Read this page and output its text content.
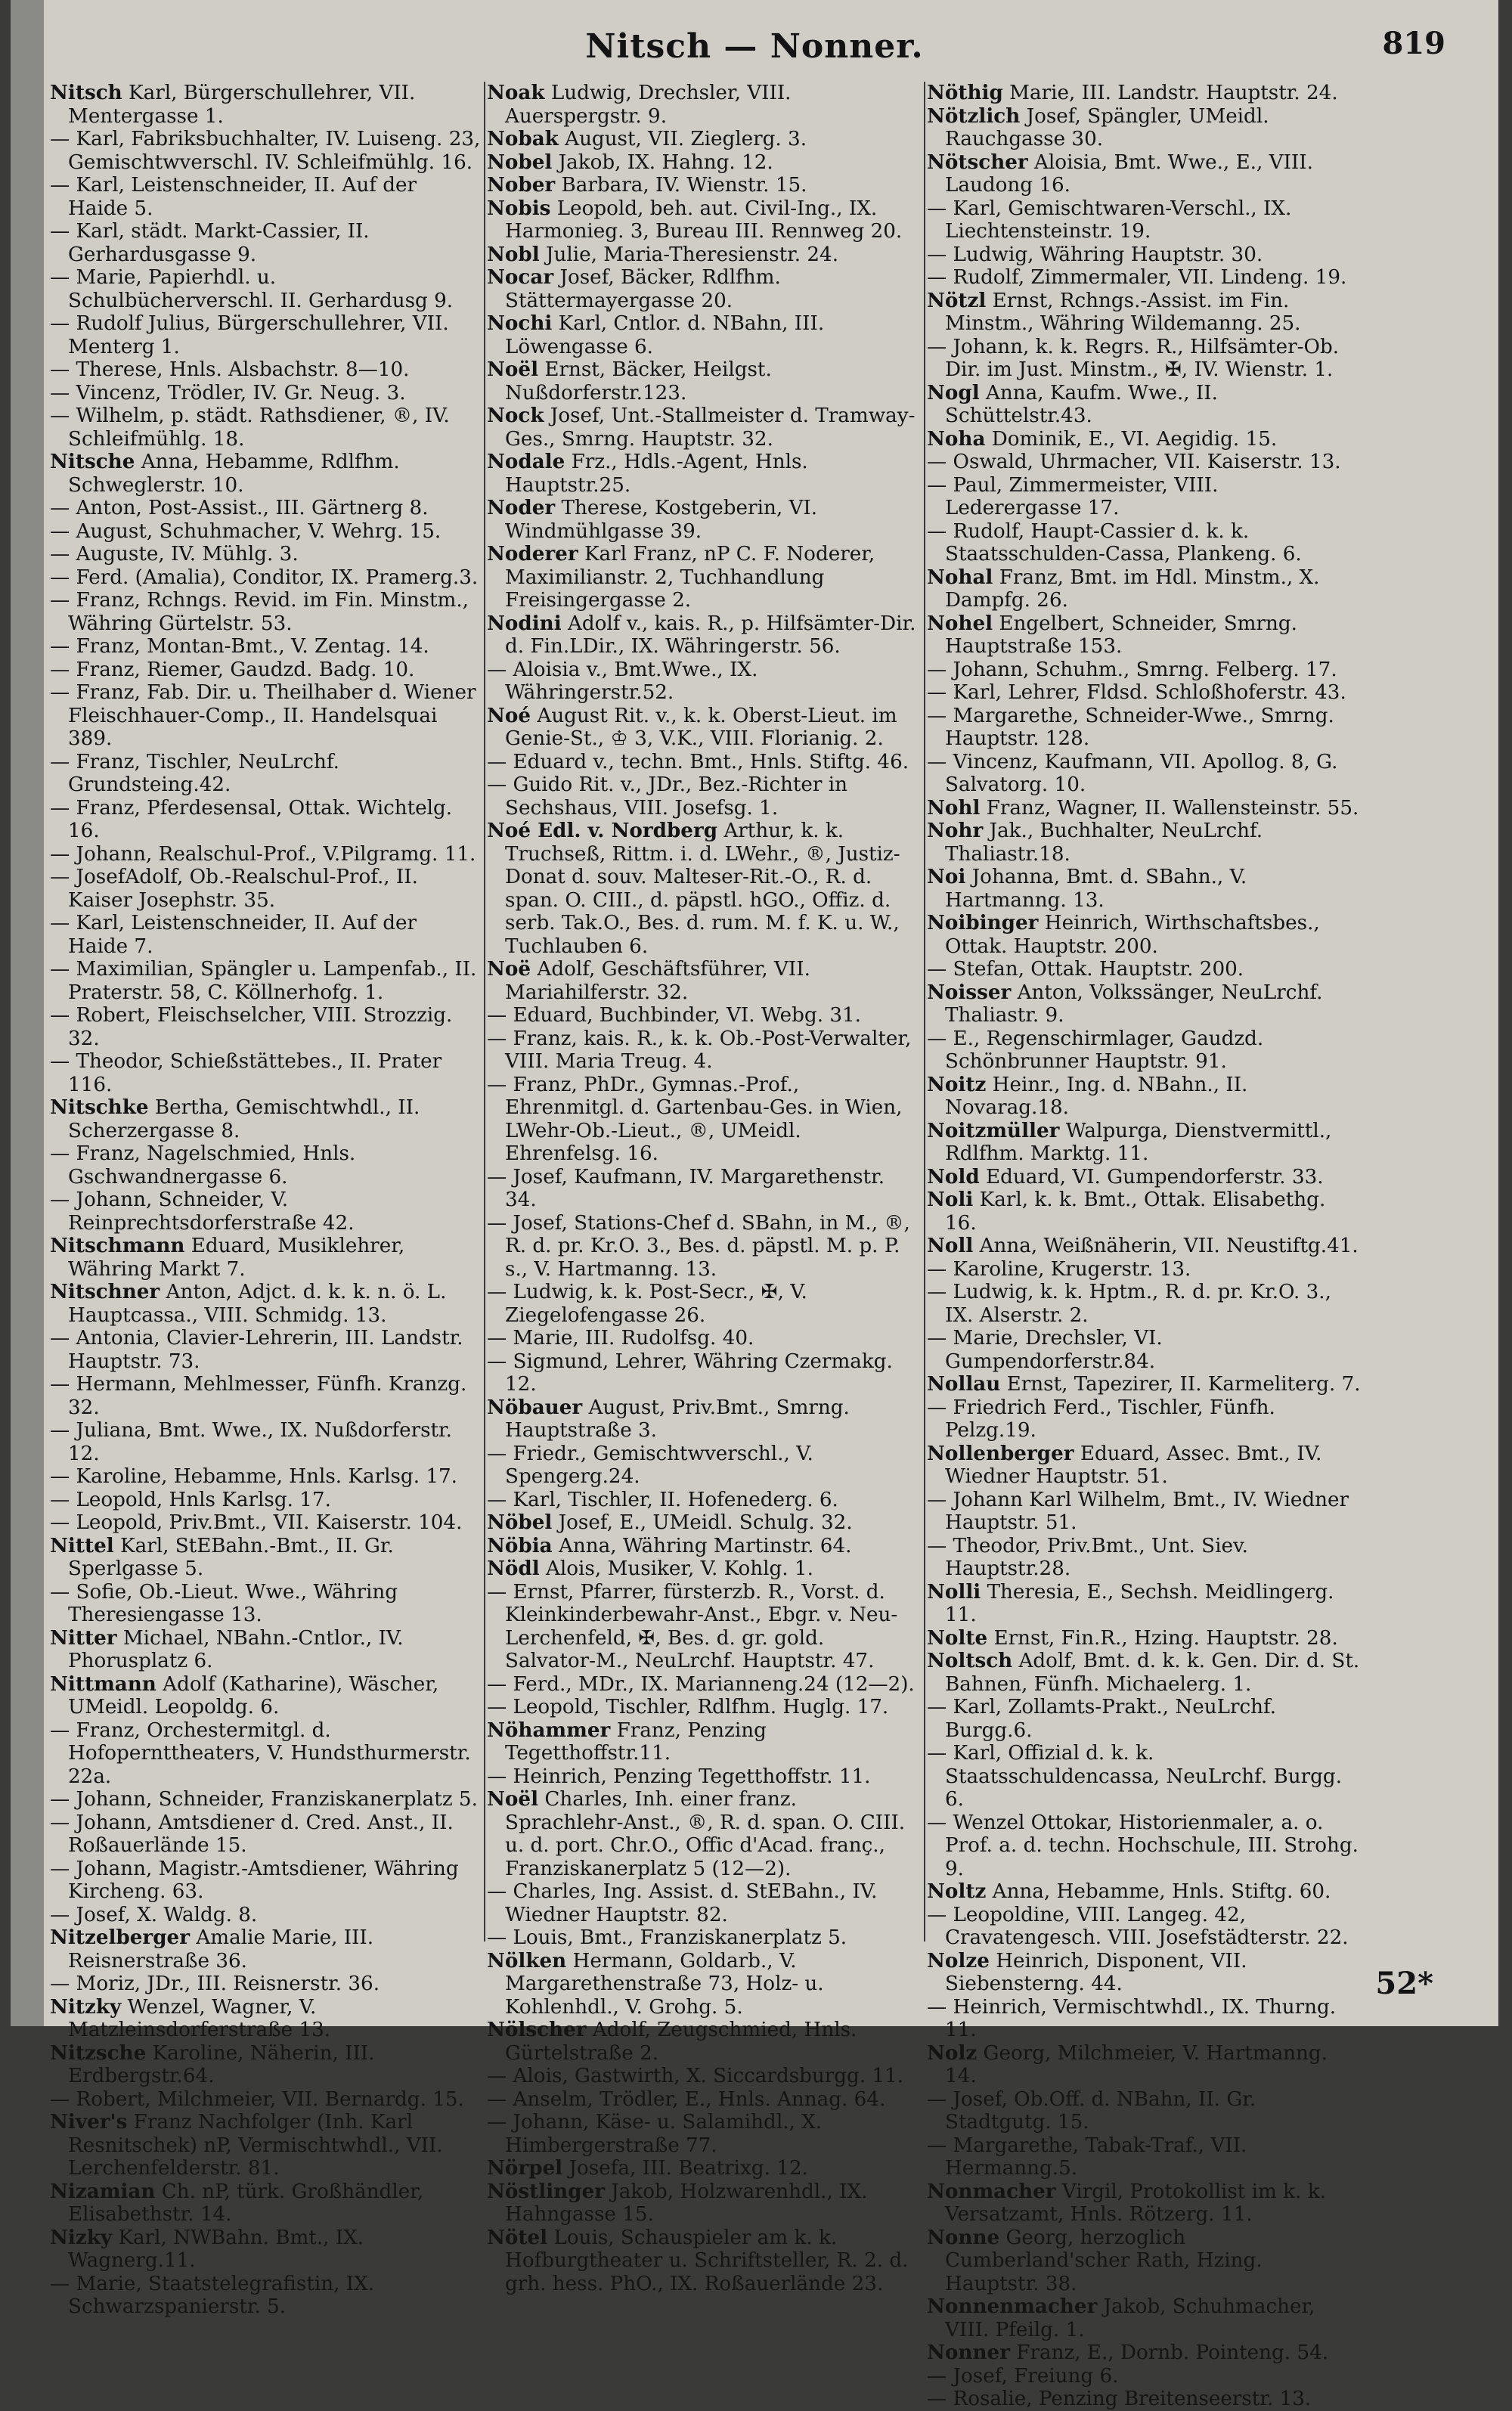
Nitsch — Nonner.	819
Nitsch Karl, Bürgerschullehrer, VII. Mentergasse 1.
— Karl, Fabriksbuchhalter, IV. Luiseng. 23, Gemischtwverschl. IV. Schleifmühlg. 16.
— Karl, Leistenschneider, II. Auf der Haide 5.
— Karl, städt. Markt-Cassier, II. Gerhardusgasse 9.
— Marie, Papierhdl. u. Schulbücherverschl. II. Gerhardusg 9.
— Rudolf Julius, Bürgerschullehrer, VII. Menterg 1.
— Therese, Hnls. Alsbachstr. 8—10.
— Vincenz, Trödler, IV. Gr. Neug. 3.
— Wilhelm, p. städt. Rathsdiener, ®, IV. Schleifmühlg. 18.
Nitsche Anna, Hebamme, Rdlfhm. Schweglerstr. 10.
— Anton, Post-Assist., III. Gärtnerg 8.
— August, Schuhmacher, V. Wehrg. 15.
— Auguste, IV. Mühlg. 3.
— Ferd. (Amalia), Conditor, IX. Pramerg.3.
— Franz, Rchngs. Revid. im Fin. Minstm., Währing Gürtelstr. 53.
— Franz, Montan-Bmt., V. Zentag. 14.
— Franz, Riemer, Gaudzd. Badg. 10.
— Franz, Fab. Dir. u. Theilhaber d. Wiener Fleischhauer-Comp., II. Handelsquai 389.
— Franz, Tischler, NeuLrchf. Grundsteing.42.
— Franz, Pferdesensal, Ottak. Wichtelg. 16.
— Johann, Realschul-Prof., V.Pilgramg. 11.
— JosefAdolf, Ob.-Realschul-Prof., II. Kaiser Josephstr. 35.
— Karl, Leistenschneider, II. Auf der Haide 7.
— Maximilian, Spängler u. Lampenfab., II. Praterstr. 58, C. Köllnerhofg. 1.
— Robert, Fleischselcher, VIII. Strozzig. 32.
— Theodor, Schießstättebes., II. Prater 116.
Nitschke Bertha, Gemischtwhdl., II. Scherzergasse 8.
— Franz, Nagelschmied, Hnls. Gschwandnergasse 6.
— Johann, Schneider, V. Reinprechtsdorferstraße 42.
Nitschmann Eduard, Musiklehrer, Währing Markt 7.
Nitschner Anton, Adjct. d. k. k. n. ö. L. Hauptcassa., VIII. Schmidg. 13.
— Antonia, Clavier-Lehrerin, III. Landstr. Hauptstr. 73.
— Hermann, Mehlmesser, Fünfh. Kranzg. 32.
— Juliana, Bmt. Wwe., IX. Nußdorferstr. 12.
— Karoline, Hebamme, Hnls. Karlsg. 17.
— Leopold, Hnls Karlsg. 17.
— Leopold, Priv.Bmt., VII. Kaiserstr. 104.
Nittel Karl, StEBahn.-Bmt., II. Gr. Sperlgasse 5.
— Sofie, Ob.-Lieut. Wwe., Währing Theresiengasse 13.
Nitter Michael, NBahn.-Cntlor., IV. Phorusplatz 6.
Nittmann Adolf (Katharine), Wäscher, UMeidl. Leopoldg. 6.
— Franz, Orchestermitgl. d. Hofopernttheaters, V. Hundsthurmerstr. 22a.
— Johann, Schneider, Franziskanerplatz 5.
— Johann, Amtsdiener d. Cred. Anst., II. Roßauerlände 15.
— Johann, Magistr.-Amtsdiener, Währing Kircheng. 63.
— Josef, X. Waldg. 8.
Nitzelberger Amalie Marie, III. Reisnerstraße 36.
— Moriz, JDr., III. Reisnerstr. 36.
Nitzky Wenzel, Wagner, V. Matzleinsdorferstraße 13.
Nitzsche Karoline, Näherin, III. Erdbergstr.64.
— Robert, Milchmeier, VII. Bernardg. 15.
Niver's Franz Nachfolger (Inh. Karl Resnitschek) nP, Vermischtwhdl., VII. Lerchenfelderstr. 81.
Nizamian Ch. nP, türk. Großhändler, Elisabethstr. 14.
Nizky Karl, NWBahn. Bmt., IX. Wagnerg.11.
— Marie, Staatstelegrafistin, IX. Schwarzspanierstr. 5.
Noak Ludwig, Drechsler, VIII. Auerspergstr. 9.
Nobak August, VII. Zieglerg. 3.
Nobel Jakob, IX. Hahng. 12.
Nober Barbara, IV. Wienstr. 15.
Nobis Leopold, beh. aut. Civil-Ing., IX. Harmonieg. 3, Bureau III. Rennweg 20.
Nobl Julie, Maria-Theresienstr. 24.
Nocar Josef, Bäcker, Rdlfhm. Stättermayergasse 20.
Nochi Karl, Cntlor. d. NBahn, III. Löwengasse 6.
Noël Ernst, Bäcker, Heilgst. Nußdorferstr.123.
Nock Josef, Unt.-Stallmeister d. Tramway-Ges., Smrng. Hauptstr. 32.
Nodale Frz., Hdls.-Agent, Hnls. Hauptstr.25.
Noder Therese, Kostgeberin, VI. Windmühlgasse 39.
Noderer Karl Franz, nP C. F. Noderer, Maximilianstr. 2, Tuchhandlung Freisingergasse 2.
Nodini Adolf v., kais. R., p. Hilfsämter-Dir. d. Fin.LDir., IX. Währingerstr. 56.
— Aloisia v., Bmt.Wwe., IX. Währingerstr.52.
Noé August Rit. v., k. k. Oberst-Lieut. im Genie-St., ♔ 3, V.K., VIII. Florianig. 2.
— Eduard v., techn. Bmt., Hnls. Stiftg. 46.
— Guido Rit. v., JDr., Bez.-Richter in Sechshaus, VIII. Josefsg. 1.
Noé Edl. v. Nordberg Arthur, k. k. Truchseß, Rittm. i. d. LWehr., ®, Justiz-Donat d. souv. Malteser-Rit.-O., R. d. span. O. CIII., d. päpstl. hGO., Offiz. d. serb. Tak.O., Bes. d. rum. M. f. K. u. W., Tuchlauben 6.
Noë Adolf, Geschäftsführer, VII. Mariahilferstr. 32.
— Eduard, Buchbinder, VI. Webg. 31.
— Franz, kais. R., k. k. Ob.-Post-Verwalter, VIII. Maria Treug. 4.
— Franz, PhDr., Gymnas.-Prof., Ehrenmitgl. d. Gartenbau-Ges. in Wien, LWehr-Ob.-Lieut., ®, UMeidl. Ehrenfelsg. 16.
— Josef, Kaufmann, IV. Margarethenstr. 34.
— Josef, Stations-Chef d. SBahn, in M., ®, R. d. pr. Kr.O. 3., Bes. d. päpstl. M. p. P. s., V. Hartmanng. 13.
— Ludwig, k. k. Post-Secr., ✠, V. Ziegelofengasse 26.
— Marie, III. Rudolfsg. 40.
— Sigmund, Lehrer, Währing Czermakg. 12.
Nöbauer August, Priv.Bmt., Smrng. Hauptstraße 3.
— Friedr., Gemischtwverschl., V. Spengerg.24.
— Karl, Tischler, II. Hofenederg. 6.
Nöbel Josef, E., UMeidl. Schulg. 32.
Nöbia Anna, Währing Martinstr. 64.
Nödl Alois, Musiker, V. Kohlg. 1.
— Ernst, Pfarrer, fürsterzb. R., Vorst. d. Kleinkinderbewahr-Anst., Ebgr. v. Neu-Lerchenfeld, ✠, Bes. d. gr. gold. Salvator-M., NeuLrchf. Hauptstr. 47.
— Ferd., MDr., IX. Marianneng.24 (12—2).
— Leopold, Tischler, Rdlfhm. Huglg. 17.
Nöhammer Franz, Penzing Tegetthoffstr.11.
— Heinrich, Penzing Tegetthoffstr. 11.
Noël Charles, Inh. einer franz. Sprachlehr-Anst., ®, R. d. span. O. CIII. u. d. port. Chr.O., Offic d'Acad. franç., Franziskanerplatz 5 (12—2).
— Charles, Ing. Assist. d. StEBahn., IV. Wiedner Hauptstr. 82.
— Louis, Bmt., Franziskanerplatz 5.
Nölken Hermann, Goldarb., V. Margarethenstraße 73, Holz- u. Kohlenhdl., V. Grohg. 5.
Nölscher Adolf, Zeugschmied, Hnls. Gürtelstraße 2.
— Alois, Gastwirth, X. Siccardsburgg. 11.
— Anselm, Trödler, E., Hnls. Annag. 64.
— Johann, Käse- u. Salamihdl., X. Himbergerstraße 77.
Nörpel Josefa, III. Beatrixg. 12.
Nöstlinger Jakob, Holzwarenhdl., IX. Hahngasse 15.
Nötel Louis, Schauspieler am k. k. Hofburgtheater u. Schriftsteller, R. 2. d. grh. hess. PhO., IX. Roßauerlände 23.
Nöthig Marie, III. Landstr. Hauptstr. 24.
Nötzlich Josef, Spängler, UMeidl. Rauchgasse 30.
Nötscher Aloisia, Bmt. Wwe., E., VIII. Laudong 16.
— Karl, Gemischtwaren-Verschl., IX. Liechtensteinstr. 19.
— Ludwig, Währing Hauptstr. 30.
— Rudolf, Zimmermaler, VII. Lindeng. 19.
Nötzl Ernst, Rchngs.-Assist. im Fin. Minstm., Währing Wildemanng. 25.
— Johann, k. k. Regrs. R., Hilfsämter-Ob. Dir. im Just. Minstm., ✠, IV. Wienstr. 1.
Nogl Anna, Kaufm. Wwe., II. Schüttelstr.43.
Noha Dominik, E., VI. Aegidig. 15.
— Oswald, Uhrmacher, VII. Kaiserstr. 13.
— Paul, Zimmermeister, VIII. Lederergasse 17.
— Rudolf, Haupt-Cassier d. k. k. Staatsschulden-Cassa, Plankeng. 6.
Nohal Franz, Bmt. im Hdl. Minstm., X. Dampfg. 26.
Nohel Engelbert, Schneider, Smrng. Hauptstraße 153.
— Johann, Schuhm., Smrng. Felberg. 17.
— Karl, Lehrer, Fldsd. Schloßhoferstr. 43.
— Margarethe, Schneider-Wwe., Smrng. Hauptstr. 128.
— Vincenz, Kaufmann, VII. Apollog. 8, G. Salvatorg. 10.
Nohl Franz, Wagner, II. Wallensteinstr. 55.
Nohr Jak., Buchhalter, NeuLrchf. Thaliastr.18.
Noi Johanna, Bmt. d. SBahn., V. Hartmanng. 13.
Noibinger Heinrich, Wirthschaftsbes., Ottak. Hauptstr. 200.
— Stefan, Ottak. Hauptstr. 200.
Noisser Anton, Volkssänger, NeuLrchf. Thaliastr. 9.
— E., Regenschirmlager, Gaudzd. Schönbrunner Hauptstr. 91.
Noitz Heinr., Ing. d. NBahn., II. Novarag.18.
Noitzmüller Walpurga, Dienstvermittl., Rdlfhm. Marktg. 11.
Nold Eduard, VI. Gumpendorferstr. 33.
Noli Karl, k. k. Bmt., Ottak. Elisabethg. 16.
Noll Anna, Weißnäherin, VII. Neustiftg.41.
— Karoline, Krugerstr. 13.
— Ludwig, k. k. Hptm., R. d. pr. Kr.O. 3., IX. Alserstr. 2.
— Marie, Drechsler, VI. Gumpendorferstr.84.
Nollau Ernst, Tapezirer, II. Karmeliterg. 7.
— Friedrich Ferd., Tischler, Fünfh. Pelzg.19.
Nollenberger Eduard, Assec. Bmt., IV. Wiedner Hauptstr. 51.
— Johann Karl Wilhelm, Bmt., IV. Wiedner Hauptstr. 51.
— Theodor, Priv.Bmt., Unt. Siev. Hauptstr.28.
Nolli Theresia, E., Sechsh. Meidlingerg. 11.
Nolte Ernst, Fin.R., Hzing. Hauptstr. 28.
Noltsch Adolf, Bmt. d. k. k. Gen. Dir. d. St. Bahnen, Fünfh. Michaelerg. 1.
— Karl, Zollamts-Prakt., NeuLrchf. Burgg.6.
— Karl, Offizial d. k. k. Staatsschuldencassa, NeuLrchf. Burgg. 6.
— Wenzel Ottokar, Historienmaler, a. o. Prof. a. d. techn. Hochschule, III. Strohg. 9.
Noltz Anna, Hebamme, Hnls. Stiftg. 60.
— Leopoldine, VIII. Langeg. 42, Cravatengesch. VIII. Josefstädterstr. 22.
Nolze Heinrich, Disponent, VII. Siebensterng. 44.
— Heinrich, Vermischtwhdl., IX. Thurng. 11.
Nolz Georg, Milchmeier, V. Hartmanng. 14.
— Josef, Ob.Off. d. NBahn, II. Gr. Stadtgutg. 15.
— Margarethe, Tabak-Traf., VII. Hermanng.5.
Nonmacher Virgil, Protokollist im k. k. Versatzamt, Hnls. Rötzerg. 11.
Nonne Georg, herzoglich Cumberland'scher Rath, Hzing. Hauptstr. 38.
Nonnenmacher Jakob, Schuhmacher, VIII. Pfeilg. 1.
Nonner Franz, E., Dornb. Pointeng. 54.
— Josef, Freiung 6.
— Rosalie, Penzing Breitenseerstr. 13.
52*
